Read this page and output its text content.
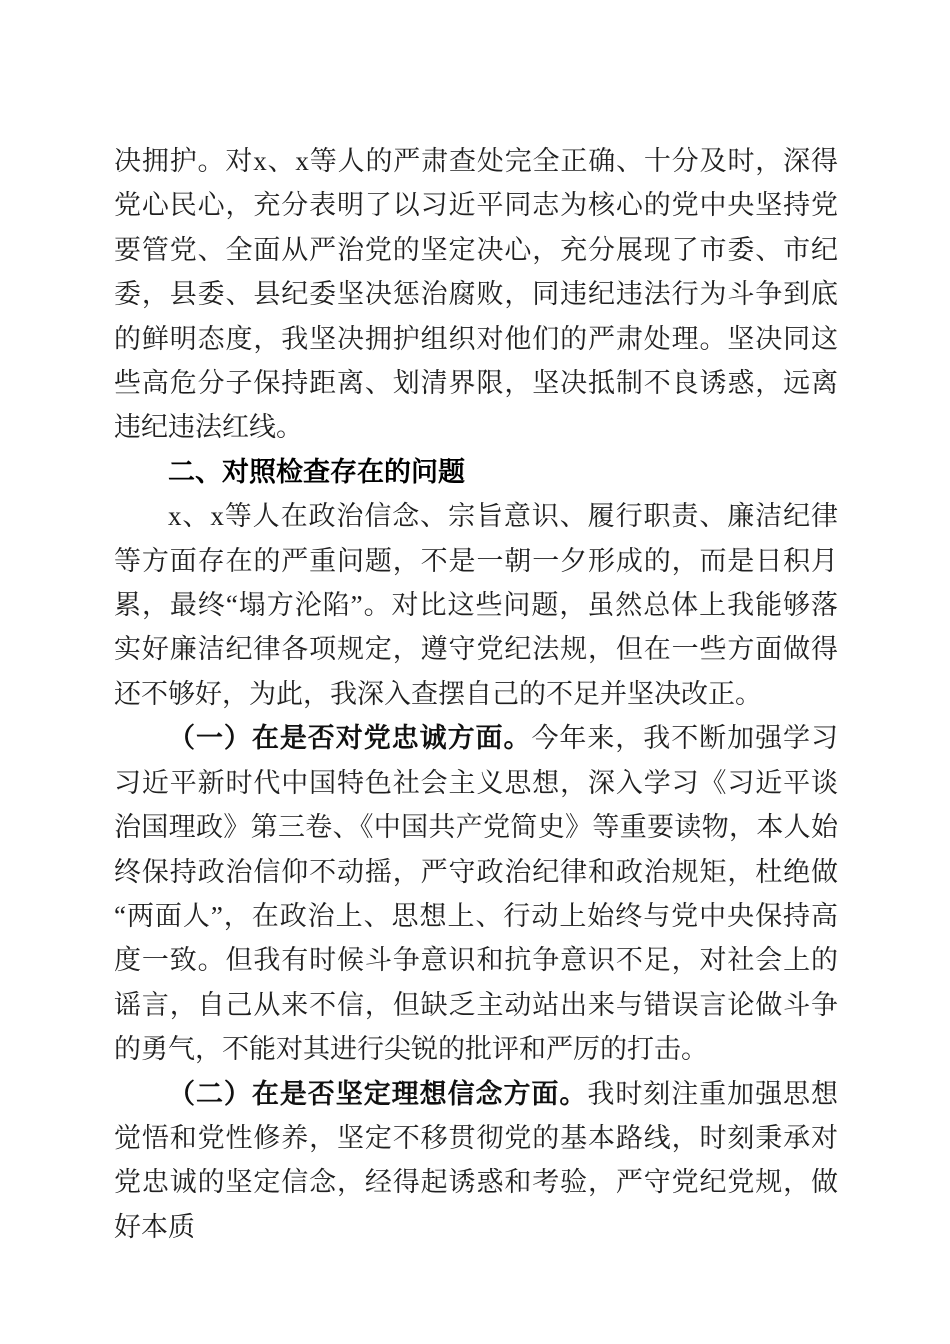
决拥护。对x、x等人的严肃查处完全正确、十分及时，深得党心民心，充分表明了以习近平同志为核心的党中央坚持党要管党、全面从严治党的坚定决心，充分展现了市委、市纪委，县委、县纪委坚决惩治腐败，同违纪违法行为斗争到底的鲜明态度，我坚决拥护组织对他们的严肃处理。坚决同这些高危分子保持距离、划清界限，坚决抵制不良诱惑，远离违纪违法红线。

二、对照检查存在的问题

x、x等人在政治信念、宗旨意识、履行职责、廉洁纪律等方面存在的严重问题，不是一朝一夕形成的，而是日积月累，最终“塌方沦陷”。对比这些问题，虽然总体上我能够落实好廉洁纪律各项规定，遵守党纪法规，但在一些方面做得还不够好，为此，我深入查摆自己的不足并坚决改正。

（一）在是否对党忠诚方面。今年来，我不断加强学习习近平新时代中国特色社会主义思想，深入学习《习近平谈治国理政》第三卷、《中国共产党简史》等重要读物，本人始终保持政治信仰不动摇，严守政治纪律和政治规矩，杜绝做“两面人”，在政治上、思想上、行动上始终与党中央保持高度一致。但我有时候斗争意识和抗争意识不足，对社会上的谣言，自己从来不信，但缺乏主动站出来与错误言论做斗争的勇气，不能对其进行尖锐的批评和严厉的打击。

（二）在是否坚定理想信念方面。我时刻注重加强思想觉悟和党性修养，坚定不移贯彻党的基本路线，时刻秉承对党忠诚的坚定信念，经得起诱惑和考验，严守党纪党规，做好本质
